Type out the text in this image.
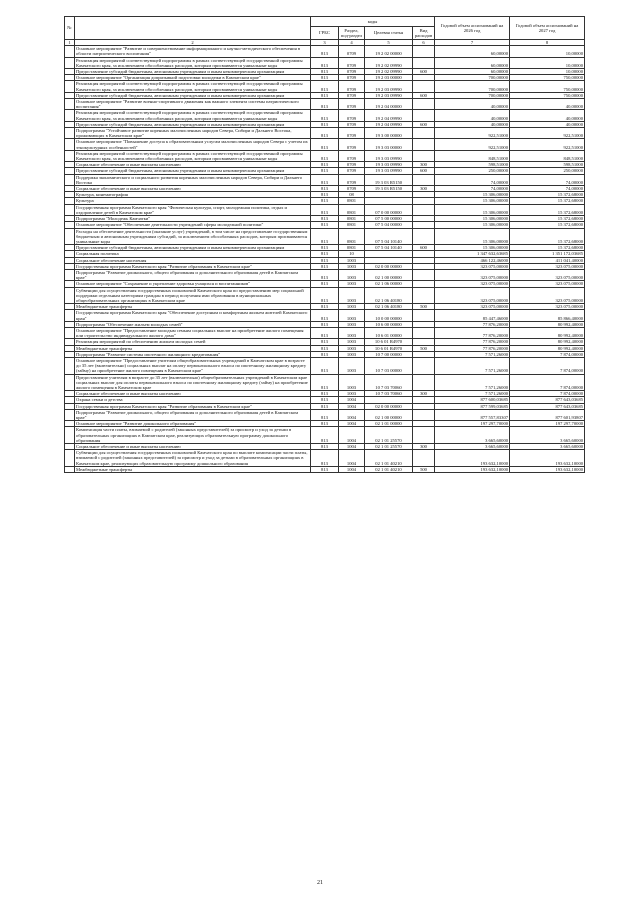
№		коды				Годовой объем ассигнований на 2026 год	Годовой объем ассигнований на 2027 год
		ГРБС	Раздел, под-раздел	Целевая статья	Вид расходов		
1	2	3	4	5	6	7	8
	Основное мероприятие "Развитие и совершенствование информационного и научно-методического обеспечения в области патриотического воспитания"	813	0709	19 2 02 00000		60,00000	10,00000
	Реализация мероприятий соответствующей подпрограммы в рамках соответствующей государственной программы Камчатского края, за исключением обособленных расходов, которым присваиваются уникальные коды	813	0709	19 2 02 09990		60,00000	10,00000
	Предоставление субсидий бюджетным, автономным учреждениям и иным некоммерческим организациям	813	0709	19 2 02 09990	600	60,00000	10,00000
	Основное мероприятие "Организация допризывной подготовки молодежи в Камчатском крае"	813	0709	19 2 03 00000		700,00000	750,00000
	Реализация мероприятий соответствующей подпрограммы в рамках соответствующей государственной программы Камчатского края, за исключением обособленных расходов, которым присваиваются уникальные коды	813	0709	19 2 03 09990		700,00000	750,00000
	Предоставление субсидий бюджетным, автономным учреждениям и иным некоммерческим организациям	813	0709	19 2 03 09990	600	700,00000	750,00000
	Основное мероприятие "Развитие военно-спортивного движения как важного элемента системы патриотического воспитания"	813	0709	19 2 04 00000		40,00000	40,00000
	Реализация мероприятий соответствующей подпрограммы в рамках соответствующей государственной программы Камчатского края, за исключением обособленных расходов, которым присваиваются уникальные коды	813	0709	19 2 04 09990		40,00000	40,00000
	Предоставление субсидий бюджетным, автономным учреждениям и иным некоммерческим организациям	813	0709	19 2 04 09990	600	40,00000	40,00000
	Подпрограмма "Устойчивое развитие коренных малочисленных народов Севера, Сибири и Дальнего Востока, проживающих в Камчатском крае"	813	0709	19 3 00 00000		922,51000	922,51000
	Основное мероприятие "Повышение доступа к образовательным услугам малочисленных народов Севера с учетом их этнокультурных особенностей"	813	0709	19 3 03 00000		922,51000	922,51000
	Реализация мероприятий соответствующей подпрограммы в рамках соответствующей государственной программы Камчатского края, за исключением обособленных расходов, которым присваиваются уникальные коды	813	0709	19 3 03 09990		848,51000	848,51000
	Социальное обеспечение и иные выплаты населению	813	0709	19 3 03 09990	300	598,51000	598,51000
	Предоставление субсидий бюджетным, автономным учреждениям и иным некоммерческим организациям	813	0709	19 3 03 09990	600	250,00000	250,00000
	Поддержка экономического и социального развития коренных малочисленных народов Севера, Сибири и Дальнего Востока	813	0709	19 3 03 R5150		74,00000	74,00000
	Социальное обеспечение и иные выплаты населению	813	0709	19 3 03 R5150	300	74,00000	74,00000
	Культура, кинематография	813	08			15 306,00000	15 372,68000
	Культура	813	0801			15 306,00000	15 372,68000
	Государственная программа Камчатского края "Физическая культура, спорт, молодежная политика, отдых и оздоровление детей в Камчатском крае"	813	0801	07 0 00 00000		15 306,00000	15 372,68000
	Подпрограмма "Молодежь Камчатки"	813	0801	07 5 00 00000		15 306,00000	15 372,68000
	Основное мероприятие "Обеспечение деятельности учреждений сферы молодежной политики"	813	0801	07 5 04 00000		15 306,00000	15 372,68000
	Расходы на обеспечение деятельности (оказание услуг) учреждений, в том числе на предоставление государственным бюджетным и автономным учреждениям субсидий, за исключением обособленных расходов, которым присваиваются уникальные коды	813	0801	07 5 04 10140		15 306,00000	15 372,68000
	Предоставление субсидий бюджетным, автономным учреждениям и иным некоммерческим организациям	813	0801	07 5 04 10140	600	15 306,00000	15 372,68000
	Социальная политика	813	10			1 347 632,63685	1 351 172,03685
	Социальное обеспечение населения	813	1003			466 122,46000	411 041,40000
	Государственная программа Камчатского края "Развитие образования в Камчатском крае"	813	1003	02 0 00 00000		323 075,00000	323 075,00000
	Подпрограмма "Развитие дошкольного, общего образования и дополнительного образования детей в Камчатском крае"	813	1003	02 1 00 00000		323 075,00000	323 075,00000
	Основное мероприятие "Сохранение и укрепление здоровья учащихся и воспитанников"	813	1003	02 1 06 00000		323 075,00000	323 075,00000
	Субвенции для осуществления государственных полномочий Камчатского края по предоставлению мер социальной поддержки отдельным категориям граждан в период получения ими образования в муниципальных общеобразовательных организациях в Камчатском крае	813	1003	02 1 06 40180		323 075,00000	323 075,00000
	Межбюджетные трансферты	813	1003	02 1 06 40180	500	323 075,00000	323 075,00000
	Государственная программа Камчатского края "Обеспечение доступным и комфортным жильем жителей Камчатского края"	813	1003	10 0 00 00000		85 447,46000	85 866,40000
	Подпрограмма "Обеспечение жильем молодых семей"	813	1003	10 6 00 00000		77 876,20000	80 992,40000
	Основное мероприятие "Предоставление молодым семьям социальных выплат на приобретение жилого помещения или строительство индивидуального жилого дома"	813	1003	10 6 01 00000		77 876,20000	80 992,40000
	Реализация мероприятий по обеспечению жильем молодых семей	813	1003	10 6 01 R4970		77 876,20000	80 992,40000
	Межбюджетные трансферты	813	1003	10 6 01 R4970	500	77 876,20000	80 992,40000
	Подпрограмма "Развитие системы ипотечного жилищного кредитования"	813	1003	10 7 00 00000		7 571,26000	7 874,00000
	Основное мероприятие "Предоставление учителям общеобразовательных учреждений в Камчатском крае в возрасте до 35 лет (включительно) социальных выплат на оплату первоначального взноса по ипотечному жилищному кредиту (займу) на приобретение жилого помещения в Камчатском крае"	813	1003	10 7 03 00000		7 571,26000	7 874,00000
	Предоставление учителям в возрасте до 35 лет (включительно) общеобразовательных учреждений в Камчатском крае социальных выплат для оплаты первоначального взноса по ипотечному жилищному кредиту (займу) на приобретение жилого помещения в Камчатском крае	813	1003	10 7 03 70060		7 571,26000	7 874,00000
	Социальное обеспечение и иные выплаты населению	813	1003	10 7 03 70060	300	7 571,26000	7 874,00000
	Охрана семьи и детства	813	1004			877 600,03685	877 643,03685
	Государственная программа Камчатского края "Развитие образования в Камчатском крае"	813	1004	02 0 00 00000		877 599,03685	877 643,03685
	Подпрограмма "Развитие дошкольного, общего образования и дополнительного образования детей в Камчатском крае"	813	1004	02 1 00 00000		877 557,83307	877 601,93807
	Основное мероприятие "Развитие дошкольного образования"	813	1004	02 1 01 00000		197 297,70000	197 297,70000
	Компенсация части платы, взимаемой с родителей (законных представителей) за присмотр и уход за детьми в образовательных организациях в Камчатском крае, реализующих образовательную программу дошкольного образования	813	1004	02 1 01 25570		3 665,60000	3 665,60000
	Социальное обеспечение и иные выплаты населению	813	1004	02 1 01 25570	300	3 665,60000	3 665,60000
	Субвенции для осуществления государственных полномочий Камчатского края по выплате компенсации части платы, взимаемой с родителей (законных представителей) за присмотр и уход за детьми в образовательных организациях в Камчатском крае, реализующих образовательную программу дошкольного образования	813	1004	02 1 01 40210		193 632,10000	193 632,10000
	Межбюджетные трансферты	813	1004	02 1 01 40210	500	193 632,10000	193 632,10000
21
